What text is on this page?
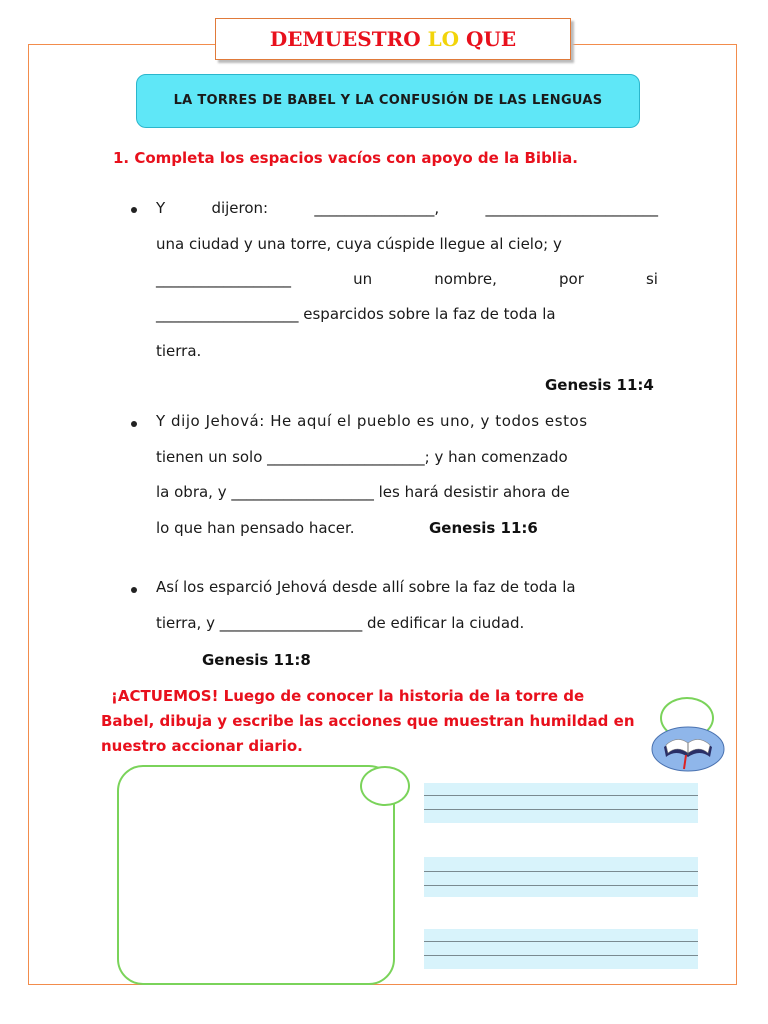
DEMUESTRO LO QUE
LA TORRES DE BABEL Y LA CONFUSIÓN DE LAS LENGUAS
1. Completa los espacios vacíos con apoyo de la Biblia.
Y	dijeron:	________________,	_______________________
una ciudad y una torre, cuya cúspide llegue al cielo; y
__________________	un	nombre,	por	si
___________________ esparcidos sobre la faz de toda la
tierra.
Genesis 11:4
Y dijo Jehová: He aquí el pueblo es uno, y todos estos
tienen un solo _____________________; y han comenzado
la obra, y ___________________ les hará desistir ahora de
lo que han pensado hacer.	Genesis 11:6
Así los esparció Jehová desde allí sobre la faz de toda la
tierra, y ___________________ de edificar la ciudad.
Genesis 11:8
¡ACTUEMOS! Luego de conocer la historia de la torre de
Babel, dibuja y escribe las acciones que muestran humildad en
nuestro accionar diario.
